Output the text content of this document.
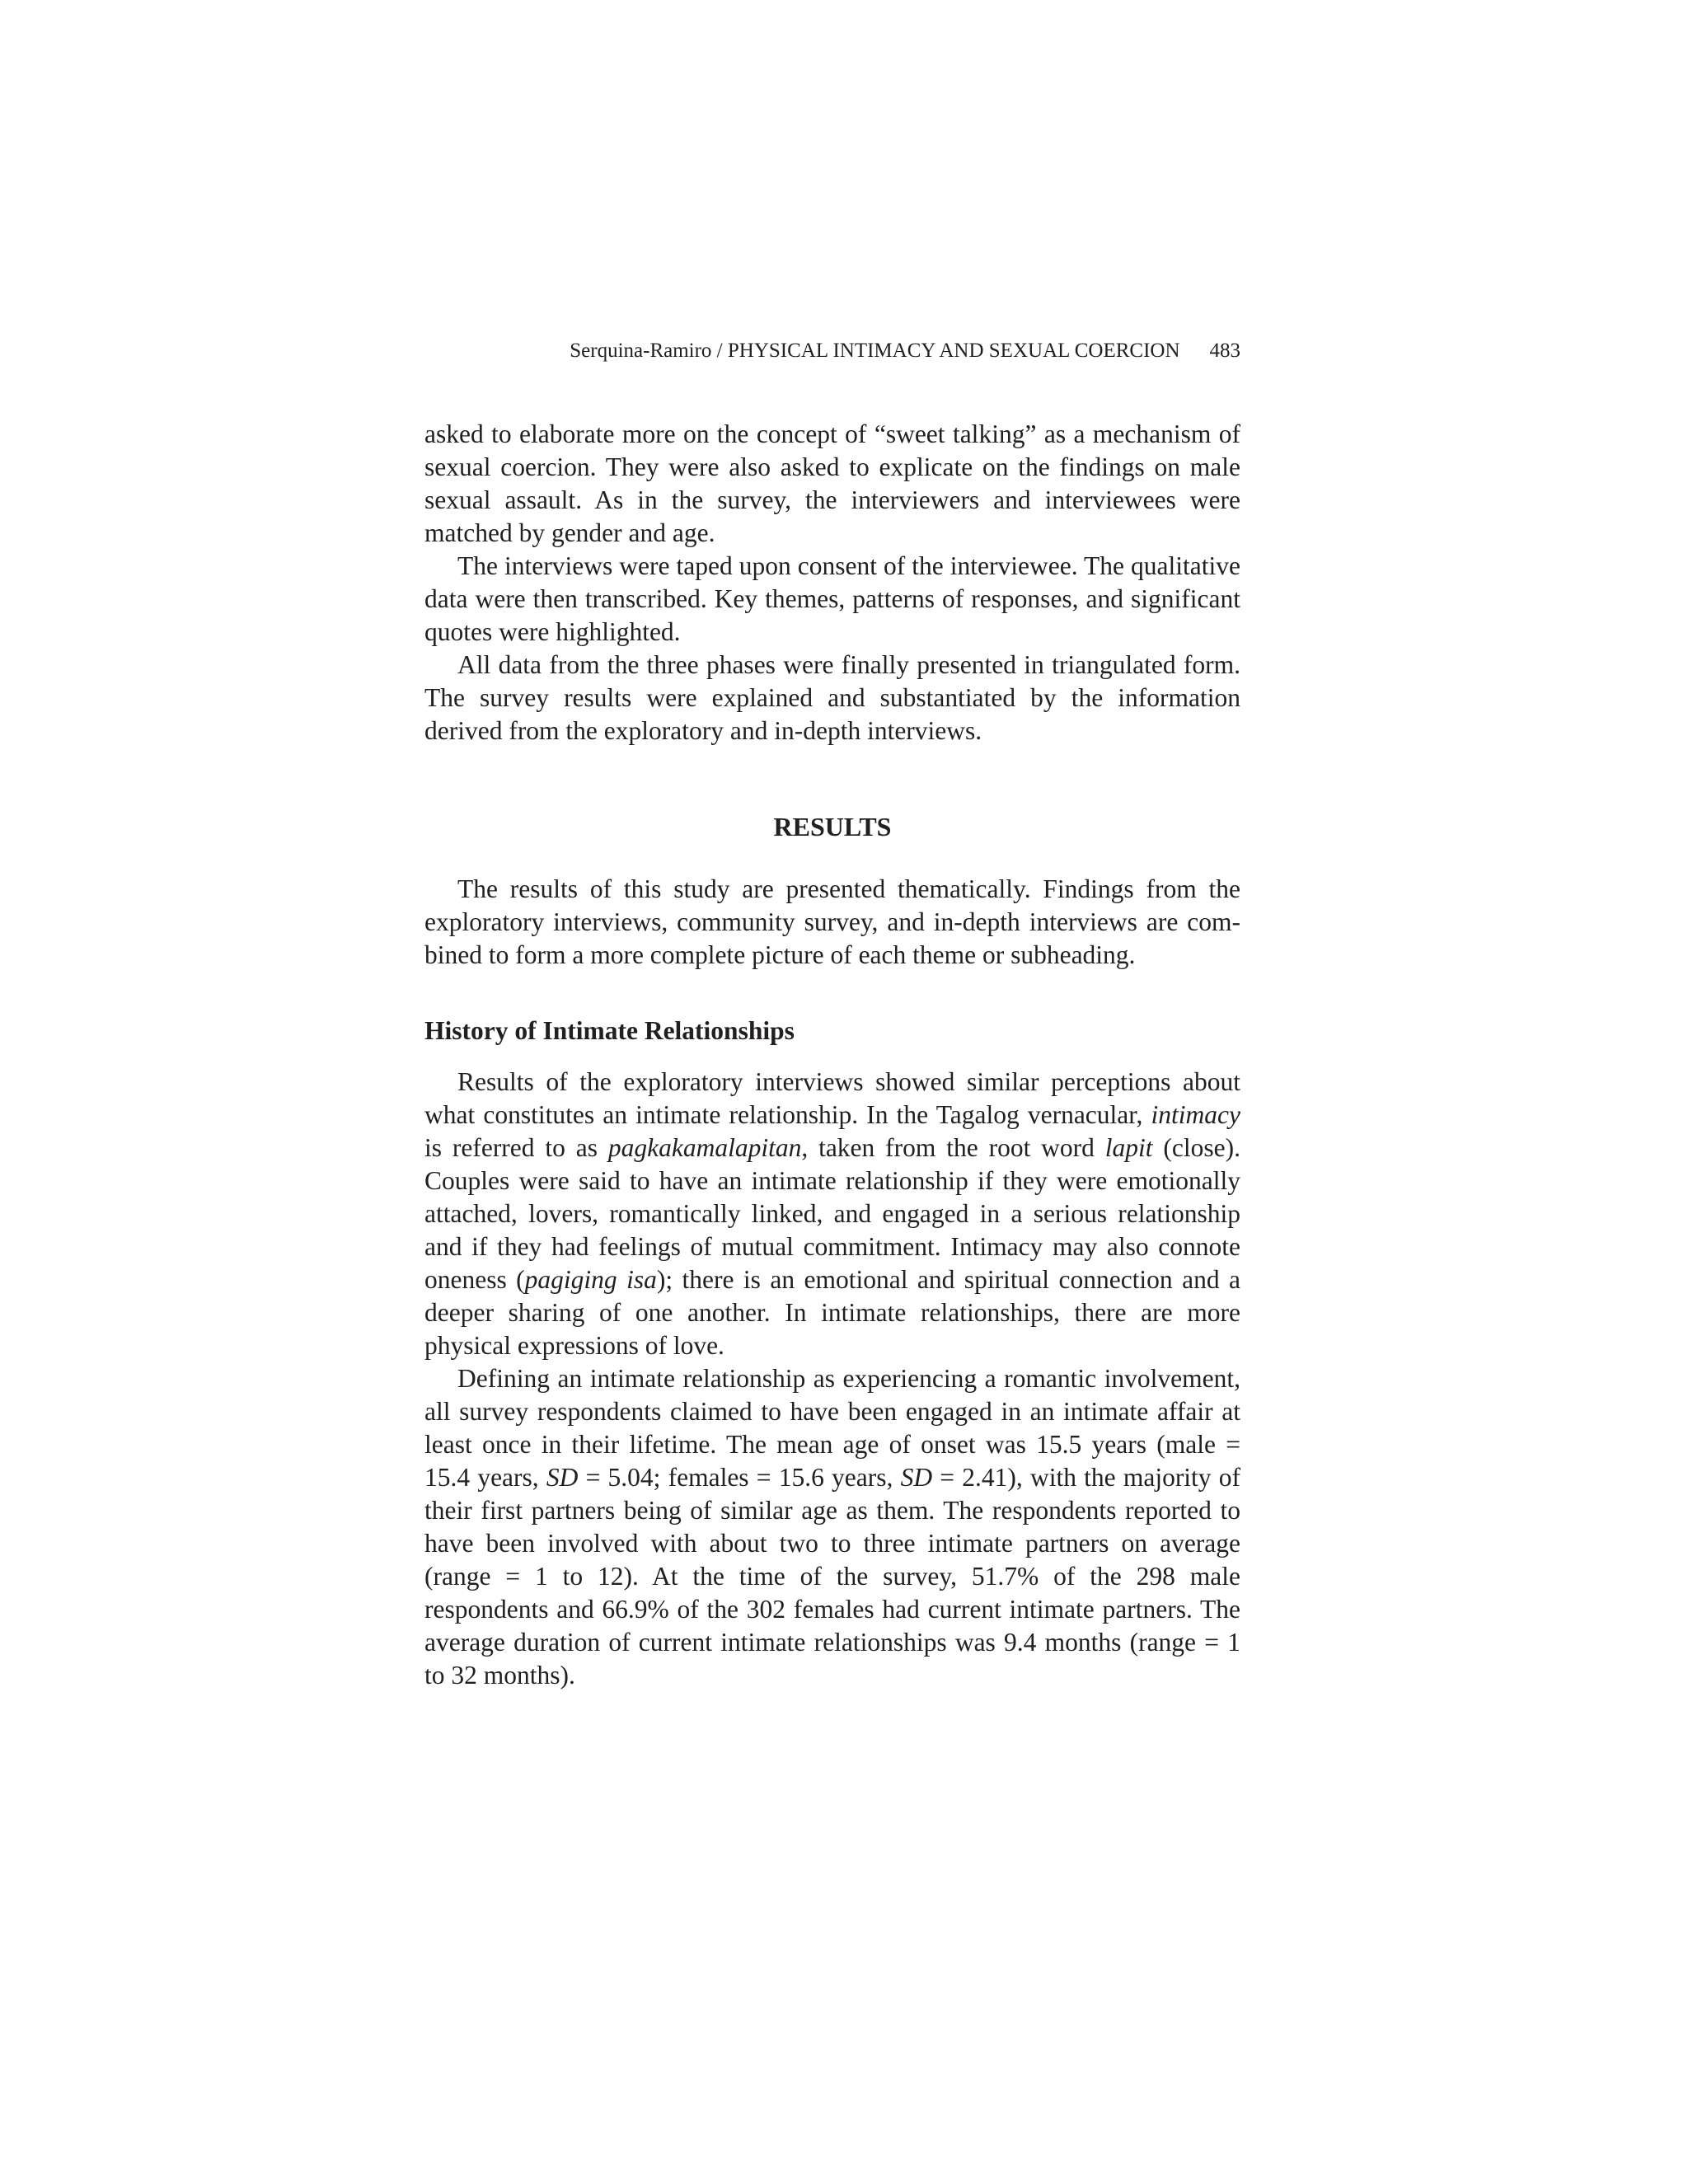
Serquina-Ramiro / PHYSICAL INTIMACY AND SEXUAL COERCION 483

asked to elaborate more on the concept of “sweet talking” as a mechanism of sexual coercion. They were also asked to explicate on the findings on male sexual assault. As in the survey, the interviewers and interviewees were matched by gender and age.

The interviews were taped upon consent of the interviewee. The qualitative data were then transcribed. Key themes, patterns of responses, and significant quotes were highlighted.

All data from the three phases were finally presented in triangulated form. The survey results were explained and substantiated by the information derived from the exploratory and in-depth interviews.

RESULTS

The results of this study are presented thematically. Findings from the exploratory interviews, community survey, and in-depth interviews are combined to form a more complete picture of each theme or subheading.

History of Intimate Relationships

Results of the exploratory interviews showed similar perceptions about what constitutes an intimate relationship. In the Tagalog vernacular, intimacy is referred to as pagkakamalapitan, taken from the root word lapit (close). Couples were said to have an intimate relationship if they were emotionally attached, lovers, romantically linked, and engaged in a serious relationship and if they had feelings of mutual commitment. Intimacy may also connote oneness (pagiging isa); there is an emotional and spiritual connection and a deeper sharing of one another. In intimate relationships, there are more physical expressions of love.

Defining an intimate relationship as experiencing a romantic involvement, all survey respondents claimed to have been engaged in an intimate affair at least once in their lifetime. The mean age of onset was 15.5 years (male = 15.4 years, SD = 5.04; females = 15.6 years, SD = 2.41), with the majority of their first partners being of similar age as them. The respondents reported to have been involved with about two to three intimate partners on average (range = 1 to 12). At the time of the survey, 51.7% of the 298 male respondents and 66.9% of the 302 females had current intimate partners. The average duration of current intimate relationships was 9.4 months (range = 1 to 32 months).
